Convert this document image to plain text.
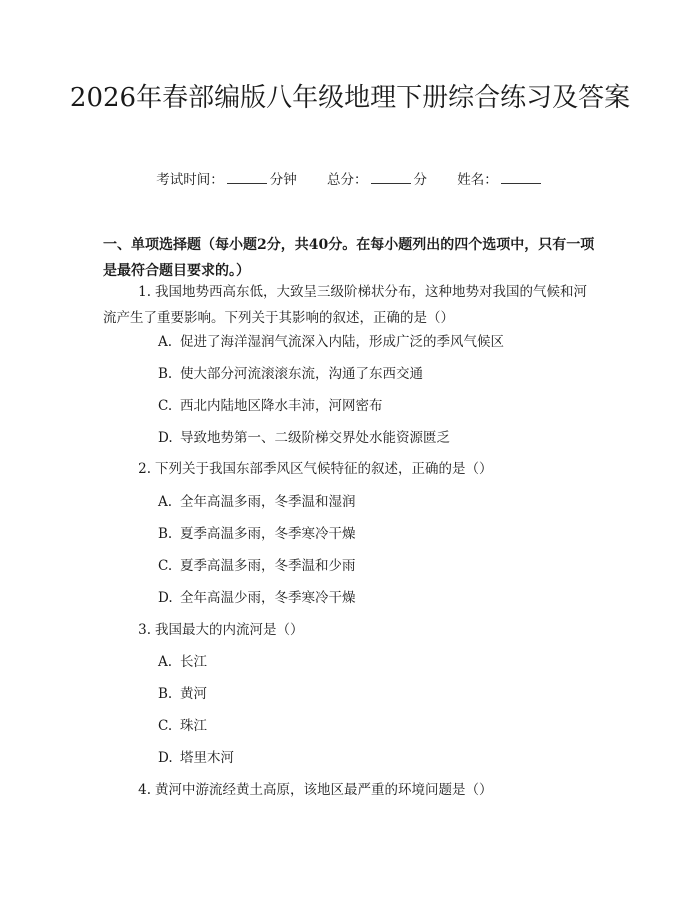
2026年春部编版八年级地理下册综合练习及答案
考试时间：	分钟 总分：	分 姓名：
一、单项选择题（每小题2分，共40分。在每小题列出的四个选项中，只有一项是最符合题目要求的。）
1. 我国地势西高东低，大致呈三级阶梯状分布，这种地势对我国的气候和河流产生了重要影响。下列关于其影响的叙述，正确的是（）
A. 促进了海洋湿润气流深入内陆，形成广泛的季风气候区
B. 使大部分河流滚滚东流，沟通了东西交通
C. 西北内陆地区降水丰沛，河网密布
D. 导致地势第一、二级阶梯交界处水能资源匮乏
2. 下列关于我国东部季风区气候特征的叙述，正确的是（）
A. 全年高温多雨，冬季温和湿润
B. 夏季高温多雨，冬季寒冷干燥
C. 夏季高温多雨，冬季温和少雨
D. 全年高温少雨，冬季寒冷干燥
3. 我国最大的内流河是（）
A. 长江
B. 黄河
C. 珠江
D. 塔里木河
4. 黄河中游流经黄土高原，该地区最严重的环境问题是（）
